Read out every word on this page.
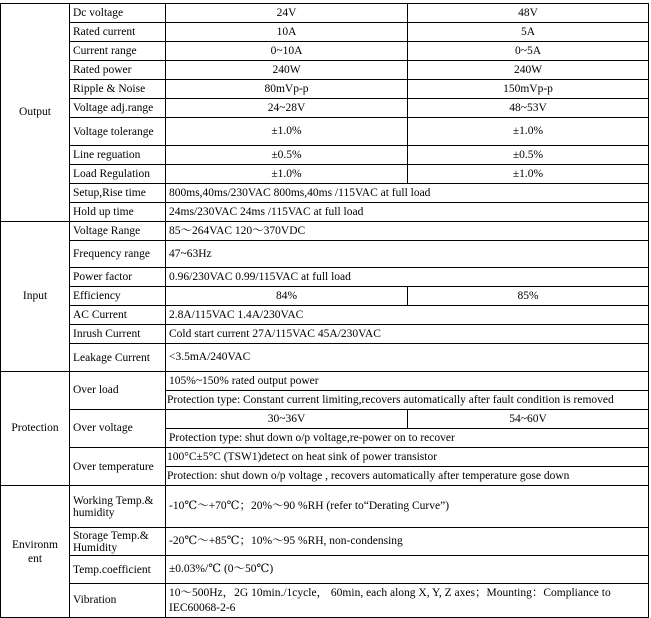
Output	Dc voltage	24V	48V
	Rated current	10A	5A
	Current range	0~10A	0~5A
	Rated power	240W	240W
	Ripple & Noise	80mVp-p	150mVp-p
	Voltage adj.range	24~28V	48~53V
	Voltage tolerange	±1.0%	±1.0%
	Line reguation	±0.5%	±0.5%
	Load Regulation	±1.0%	±1.0%
	Setup,Rise time	800ms,40ms/230VAC 800ms,40ms /115VAC at full load	
	Hold up time	24ms/230VAC 24ms /115VAC at full load	
Input	Voltage Range	85～264VAC 120～370VDC	
	Frequency range	47~63Hz	
	Power factor	0.96/230VAC 0.99/115VAC at full load	
	Efficiency	84%	85%
	AC Current	2.8A/115VAC 1.4A/230VAC	
	Inrush Current	Cold start current 27A/115VAC 45A/230VAC	
	Leakage Current	<3.5mA/240VAC	
Protection	Over load	105%~150% rated output power	
		Protection type: Constant current limiting,recovers automatically after fault condition is removed	
	Over voltage	30~36V	54~60V
		Protection type: shut down o/p voltage,re-power on to recover	
	Over temperature	100°C±5°C (TSW1)detect on heat sink of power transistor	
		Protection: shut down o/p voltage , recovers automatically after temperature gose down	
Environm ent	Working Temp.& humidity	-10℃～+70℃；20%～90 %RH (refer to“Derating Curve”)	
	Storage Temp.& Humidity	-20℃～+85℃；10%～95 %RH, non-condensing	
	Temp.coefficient	±0.03%/℃ (0～50℃)	
	Vibration	10～500Hz，2G 10min./1cycle， 60min, each along X, Y, Z axes；Mounting：Compliance to IEC60068-2-6	
